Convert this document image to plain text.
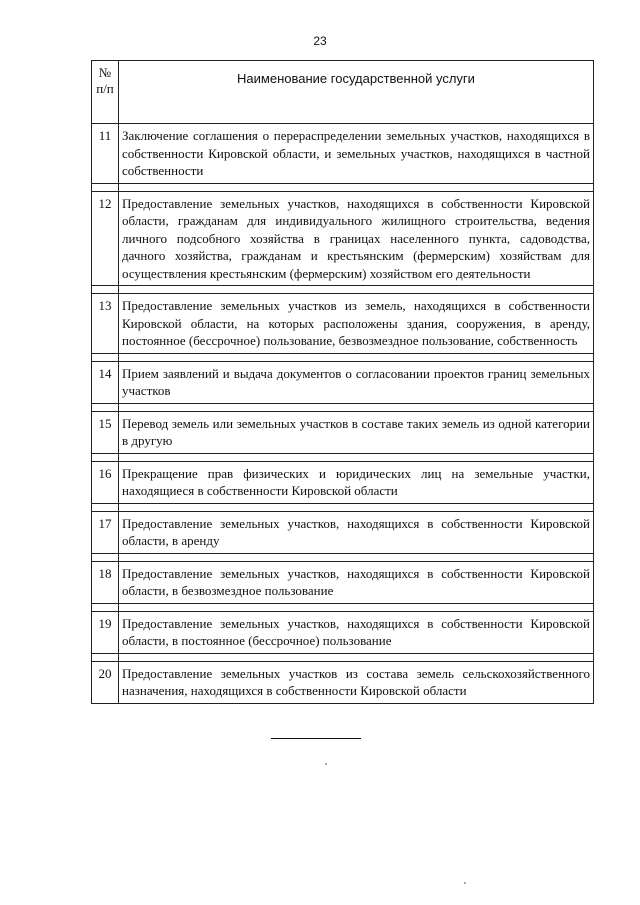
23
№
п/п	Наименование государственной услуги
11	Заключение соглашения о перераспределении земельных участков, находящихся в собственности Кировской области, и земельных участков, находящихся в частной собственности

12	Предоставление земельных участков, находящихся в собственности Кировской области, гражданам для индивидуального жилищного строительства, ведения личного подсобного хозяйства в границах населенного пункта, садоводства, дачного хозяйства, гражданам и крестьянским (фермерским) хозяйствам для осуществления крестьянским (фермерским) хозяйством его деятельности

13	Предоставление земельных участков из земель, находящихся в собственности Кировской области, на которых расположены здания, сооружения, в аренду, постоянное (бессрочное) пользование, безвозмездное пользование, собственность

14	Прием заявлений и выдача документов о согласовании проектов границ земельных участков

15	Перевод земель или земельных участков в составе таких земель из одной категории в другую

16	Прекращение прав физических и юридических лиц на земельные участки, находящиеся в собственности Кировской области

17	Предоставление земельных участков, находящихся в собственности Кировской области, в аренду

18	Предоставление земельных участков, находящихся в собственности Кировской области, в безвозмездное пользование

19	Предоставление земельных участков, находящихся в собственности Кировской области, в постоянное (бессрочное) пользование

20	Предоставление земельных участков из состава земель сельскохозяйственного назначения, находящихся в собственности Кировской области
